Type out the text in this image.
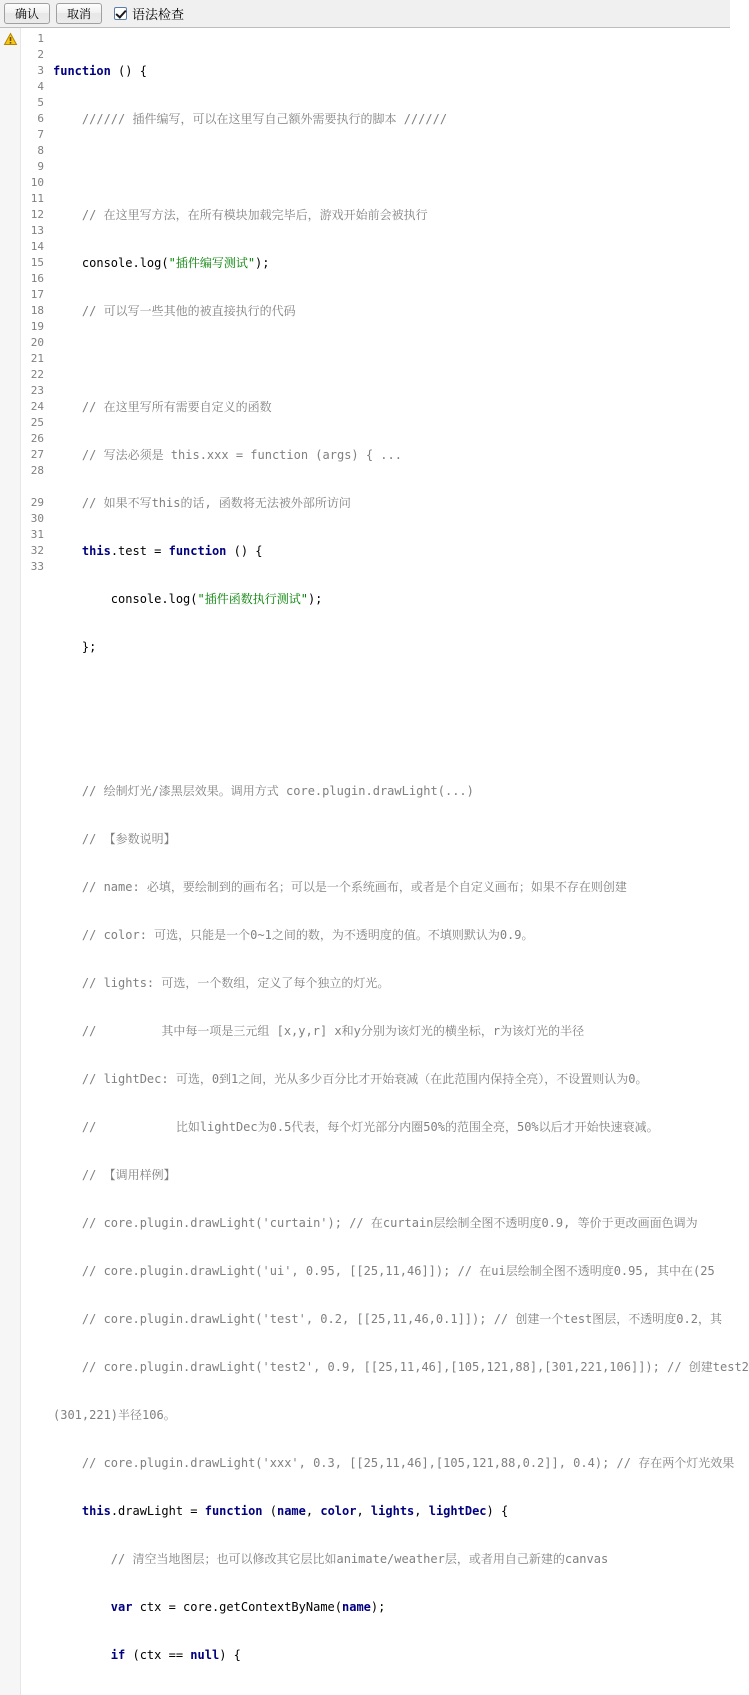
确认	取消	语法检查
1
2
3
4
5
6
7
8
9
10
11
12
13
14
15
16
17
18
19
20
21
22
23
24
25
26
27
28
29
30
31
32
33

function () {

////// 插件编写，可以在这里写自己额外需要执行的脚本 //////

// 在这里写方法，在所有模块加载完毕后，游戏开始前会被执行

console.log("插件编写测试");

// 可以写一些其他的被直接执行的代码

// 在这里写所有需要自定义的函数

// 写法必须是 this.xxx = function (args) { ...

// 如果不写this的话, 函数将无法被外部所访问

this.test = function () {

console.log("插件函数执行测试");

};

// 绘制灯光/漆黑层效果。调用方式 core.plugin.drawLight(...)

// 【参数说明】

// name: 必填，要绘制到的画布名；可以是一个系统画布，或者是个自定义画布；如果不存在则创建

// color: 可选，只能是一个0~1之间的数，为不透明度的值。不填则默认为0.9。

// lights: 可选，一个数组，定义了每个独立的灯光。

//         其中每一项是三元组 [x,y,r] x和y分别为该灯光的横坐标，r为该灯光的半径

// lightDec: 可选，0到1之间，光从多少百分比才开始衰减（在此范围内保持全亮），不设置则认为0。

//           比如lightDec为0.5代表，每个灯光部分内圈50%的范围全亮，50%以后才开始快速衰减。

// 【调用样例】

// core.plugin.drawLight('curtain'); // 在curtain层绘制全图不透明度0.9, 等价于更改画面色调为

// core.plugin.drawLight('ui', 0.95, [[25,11,46]]); // 在ui层绘制全图不透明度0.95, 其中在(25

// core.plugin.drawLight('test', 0.2, [[25,11,46,0.1]]); // 创建一个test图层，不透明度0.2，其

// core.plugin.drawLight('test2', 0.9, [[25,11,46],[105,121,88],[301,221,106]]); // 创建test2

(301,221)半径106。

// core.plugin.drawLight('xxx', 0.3, [[25,11,46],[105,121,88,0.2]], 0.4); // 存在两个灯光效果

this.drawLight = function (name, color, lights, lightDec) {

// 清空当地图层；也可以修改其它层比如animate/weather层，或者用自己新建的canvas

var ctx = core.getContextByName(name);

if (ctx == null) {
